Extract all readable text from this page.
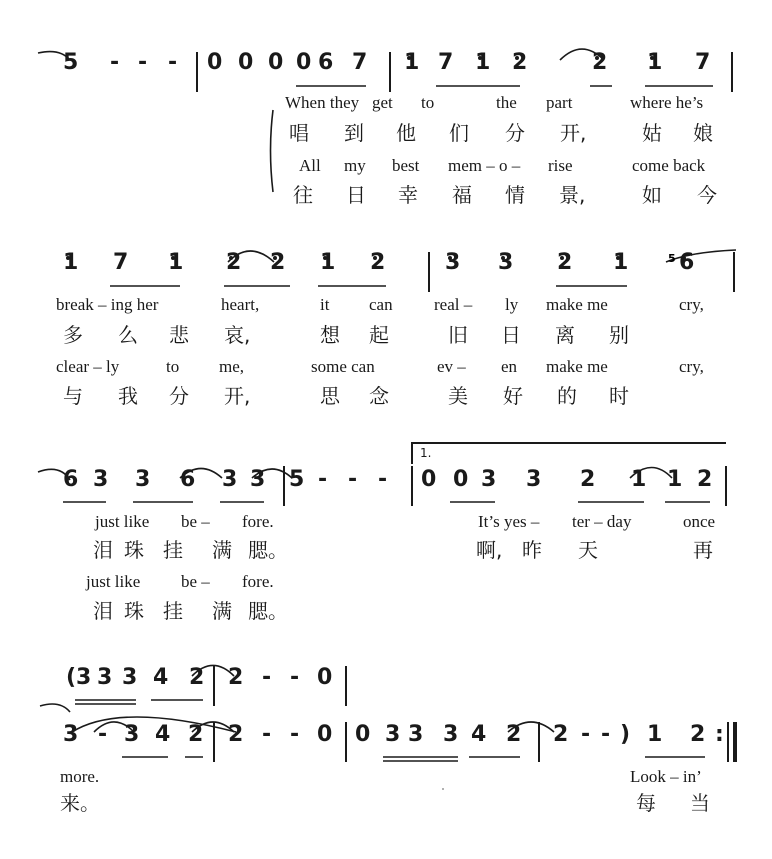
1.
5
5 - - - 0 0 0 0 6 7 1 7 1 2	2 1 7
When they get to	the part	where he’s
唱 到 他 们 分 开,	姑 娘
All my best mem – o – rise	come back
往 日 幸 福 情 景,	如 今
1 7 1 2 2 1 2	3 3 2 1 6
break – ing her	heart,	it can real – ly make me	cry,
多 么 悲 哀,	想 起	旧 日 离 别
clear – ly	to me,	some can	ev – en make me	cry,
与 我 分 开,	思 念	美 好 的 时
6 3 3 6 3 3 5 - - - 0 0 3 3 2 1 1 2
just like be – fore.	It’s yes – ter – day	once
泪 珠 挂 满 腮。	啊, 昨 天	再
just like be – fore.
泪 珠 挂 满 腮。
( 3 3 3 4 2 2 - - 0
3 - 3 4 2 2 - - 0 0 3 3 3 4 2 2 - - ) 1 2 :
more.	Look – in’
来。	每 当
